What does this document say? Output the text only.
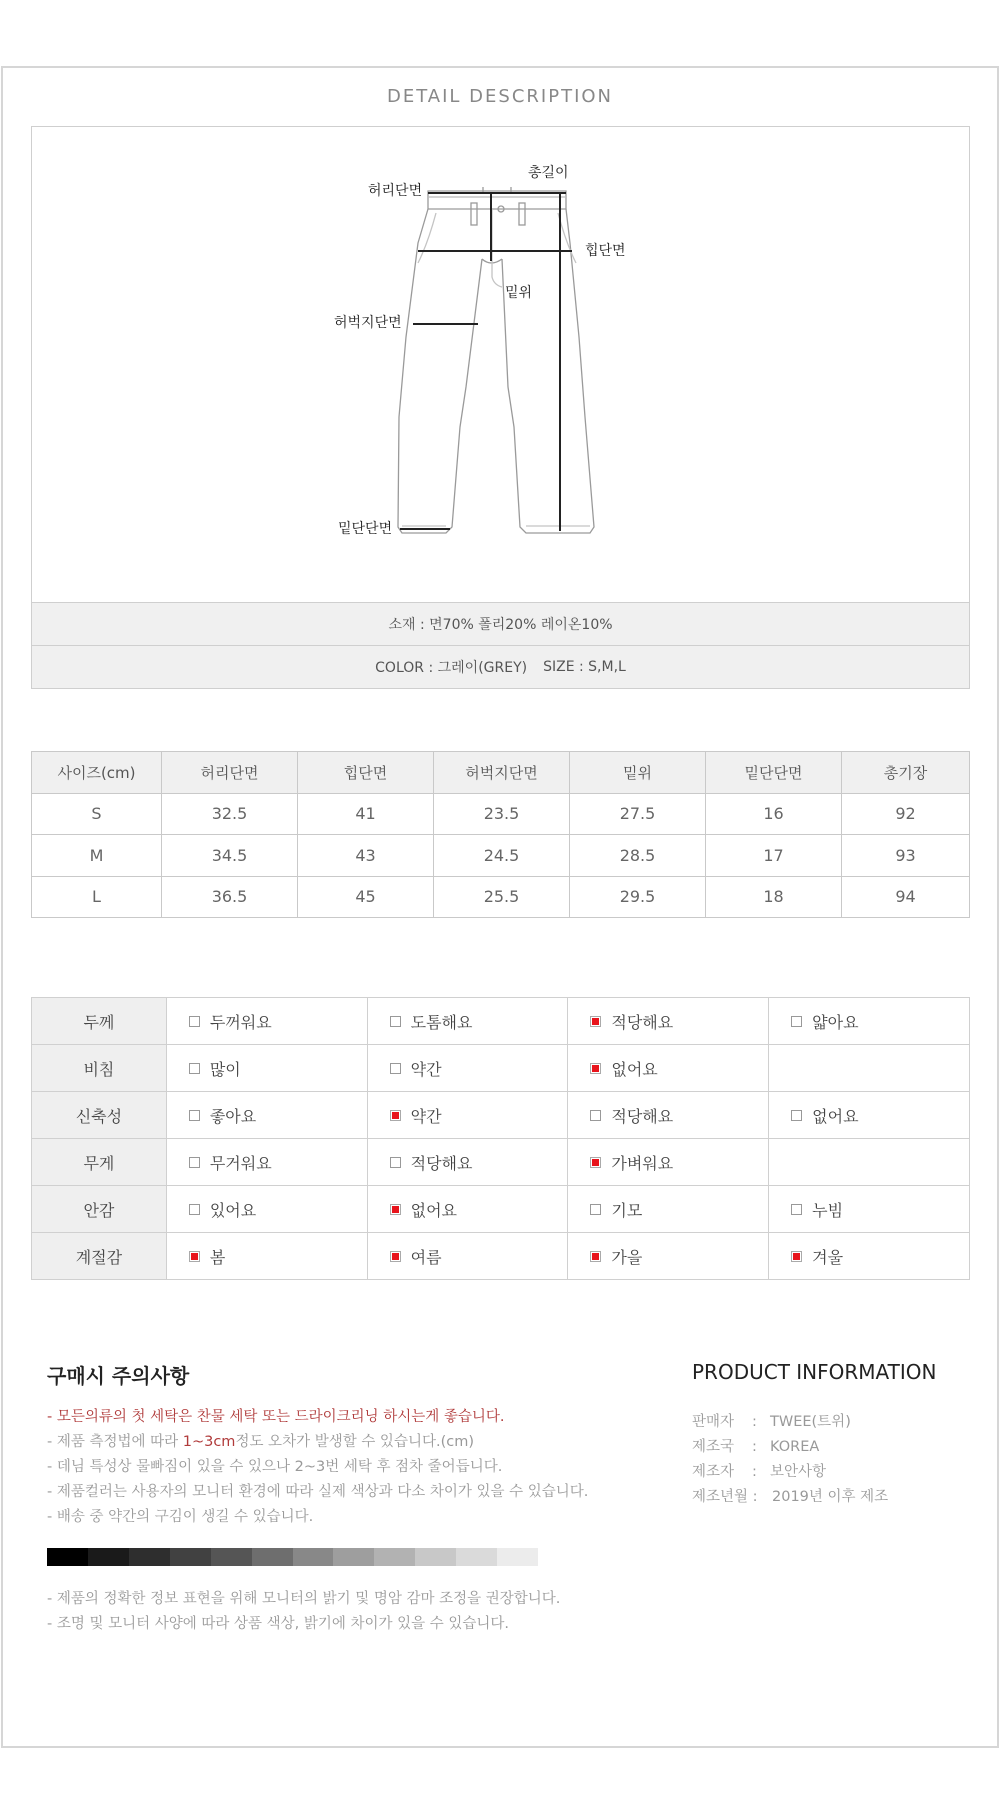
DETAIL DESCRIPTION
총길이
허리단면
힙단면
밑위
허벅지단면
밑단단면
소재 : 면70% 폴리20% 레이온10%
COLOR : 그레이(GREY) SIZE : S,M,L
사이즈(cm)	허리단면	힙단면	허벅지단면	밑위	밑단단면	총기장
S	32.5	41	23.5	27.5	16	92
M	34.5	43	24.5	28.5	17	93
L	36.5	45	25.5	29.5	18	94
두께	두꺼워요	도톰해요	적당해요	얇아요
비침	많이	약간	없어요	
신축성	좋아요	약간	적당해요	없어요
무게	무거워요	적당해요	가벼워요	
안감	있어요	없어요	기모	누빔
계절감	봄	여름	가을	겨울
구매시 주의사항
- 모든의류의 첫 세탁은 찬물 세탁 또는 드라이크리닝 하시는게 좋습니다.
- 제품 측정법에 따라 1~3cm정도 오차가 발생할 수 있습니다.(cm)
- 데님 특성상 물빠짐이 있을 수 있으나 2~3번 세탁 후 점차 줄어듭니다.
- 제품컬러는 사용자의 모니터 환경에 따라 실제 색상과 다소 차이가 있을 수 있습니다.
- 배송 중 약간의 구김이 생길 수 있습니다.
- 제품의 정확한 정보 표현을 위해 모니터의 밝기 및 명암 감마 조정을 권장합니다.
- 조명 및 모니터 사양에 따라 상품 색상, 밝기에 차이가 있을 수 있습니다.
PRODUCT INFORMATION
판매자 : TWEE(트위)
제조국 : KOREA
제조자 : 보안사항
제조년월 : 2019년 이후 제조
